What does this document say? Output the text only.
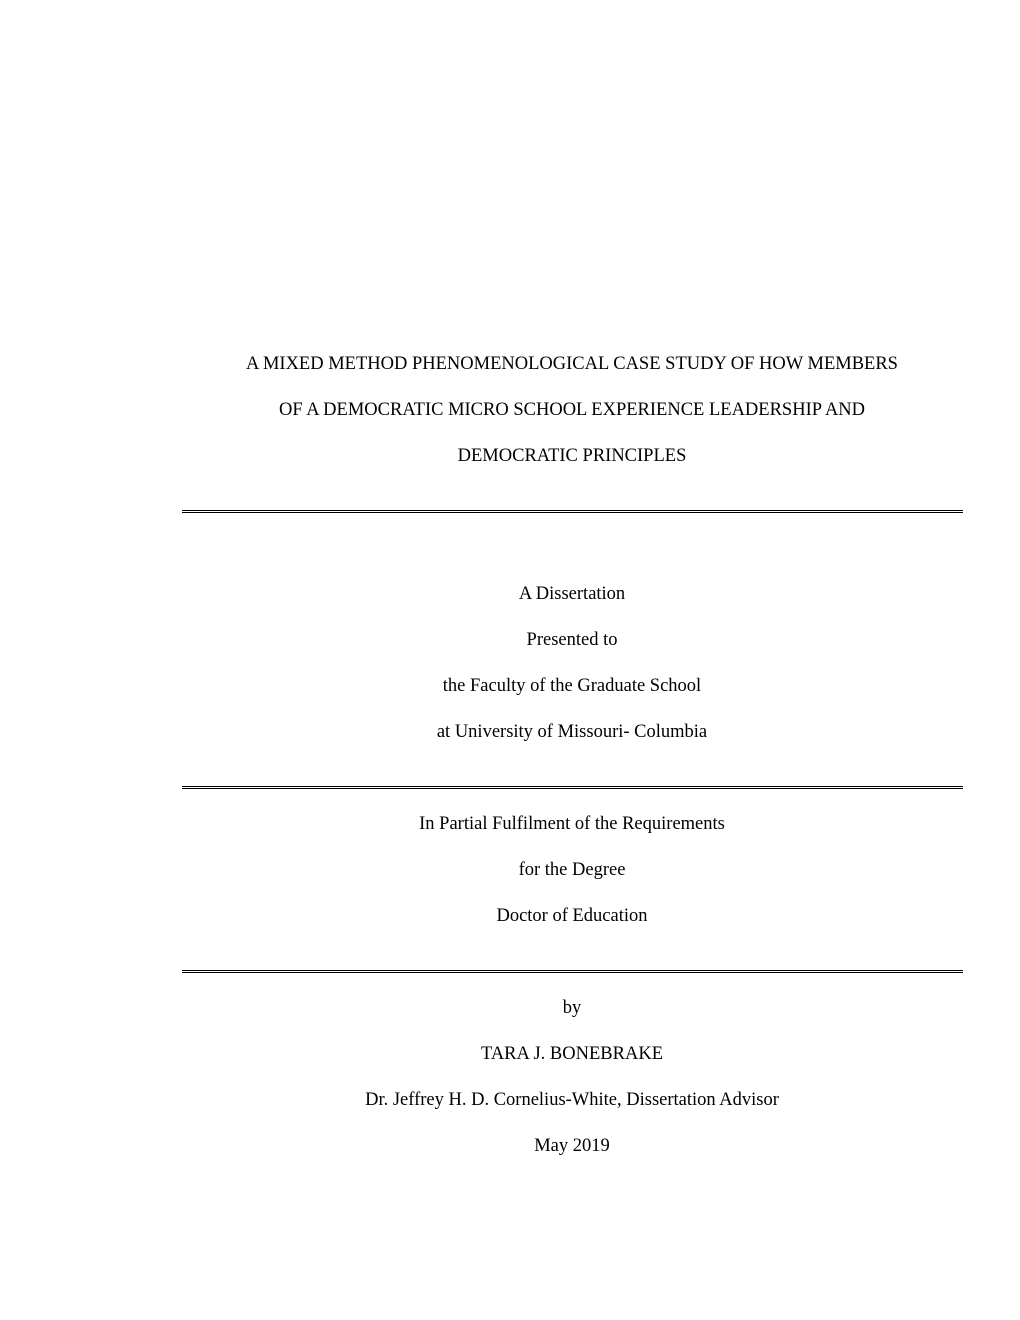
A MIXED METHOD PHENOMENOLOGICAL CASE STUDY OF HOW MEMBERS
OF A DEMOCRATIC MICRO SCHOOL EXPERIENCE LEADERSHIP AND
DEMOCRATIC PRINCIPLES
A Dissertation
Presented to
the Faculty of the Graduate School
at University of Missouri- Columbia
In Partial Fulfilment of the Requirements
for the Degree
Doctor of Education
by
TARA J. BONEBRAKE
Dr. Jeffrey H. D. Cornelius-White, Dissertation Advisor
May 2019
